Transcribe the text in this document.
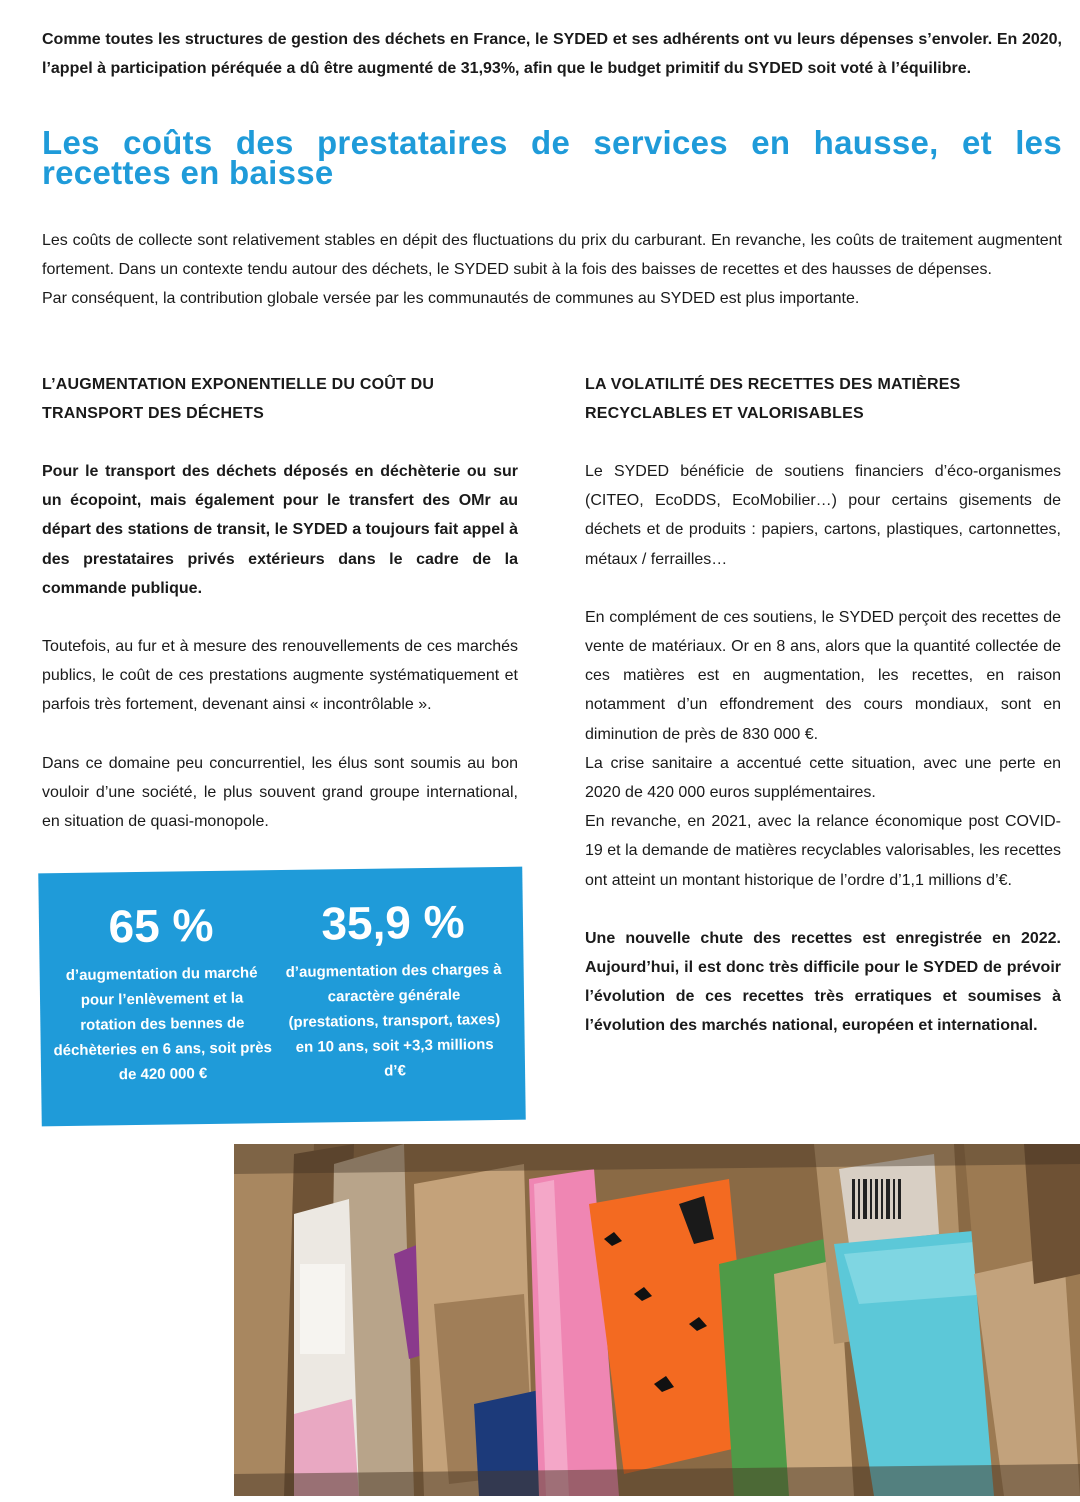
Comme toutes les structures de gestion des déchets en France, le SYDED et ses adhérents ont vu leurs dépenses s’envoler. En 2020, l’appel à participation péréquée a dû être augmenté de 31,93%, afin que le budget primitif du SYDED soit voté à l’équilibre.
Les coûts des prestataires de services en hausse, et les recettes en baisse

Les coûts de collecte sont relativement stables en dépit des fluctuations du prix du carburant. En revanche, les coûts de traitement augmentent fortement. Dans un contexte tendu autour des déchets, le SYDED subit à la fois des baisses de recettes et des hausses de dépenses.

Par conséquent, la contribution globale versée par les communautés de communes au SYDED est plus importante.

L’AUGMENTATION EXPONENTIELLE DU COÛT DU TRANSPORT DES DÉCHETS

Pour le transport des déchets déposés en déchèterie ou sur un écopoint, mais également pour le transfert des OMr au départ des stations de transit, le SYDED a toujours fait appel à des prestataires privés extérieurs dans le cadre de la commande publique.

Toutefois, au fur et à mesure des renouvellements de ces marchés publics, le coût de ces prestations augmente systématiquement et parfois très fortement, devenant ainsi « incontrôlable ».

Dans ce domaine peu concurrentiel, les élus sont soumis au bon vouloir d’une société, le plus souvent grand groupe international, en situation de quasi-monopole.

65 %
d’augmentation du marché pour l’enlèvement et la rotation des bennes de déchèteries en 6 ans, soit près de 420 000 €
35,9 %
d’augmentation des charges à caractère générale (prestations, transport, taxes) en 10 ans, soit +3,3 millions d’€
LA VOLATILITÉ DES RECETTES DES MATIÈRES RECYCLABLES ET VALORISABLES

Le SYDED bénéficie de soutiens financiers d’éco-organismes (CITEO, EcoDDS, EcoMobilier…) pour certains gisements de déchets et de produits : papiers, cartons, plastiques, cartonnettes, métaux / ferrailles…

En complément de ces soutiens, le SYDED perçoit des recettes de vente de matériaux. Or en 8 ans, alors que la quantité collectée de ces matières est en augmentation, les recettes, en raison notamment d’un effondrement des cours mondiaux, sont en diminution de près de 830 000 €.

La crise sanitaire a accentué cette situation, avec une perte en 2020 de 420 000 euros supplémentaires.

En revanche, en 2021, avec la relance économique post COVID-19 et la demande de matières recyclables valorisables, les recettes ont atteint un montant historique de l’ordre d’1,1 millions d’€.

Une nouvelle chute des recettes est enregistrée en 2022. Aujourd’hui, il est donc très difficile pour le SYDED de prévoir l’évolution de ces recettes très erratiques et soumises à l’évolution des marchés national, européen et international.
